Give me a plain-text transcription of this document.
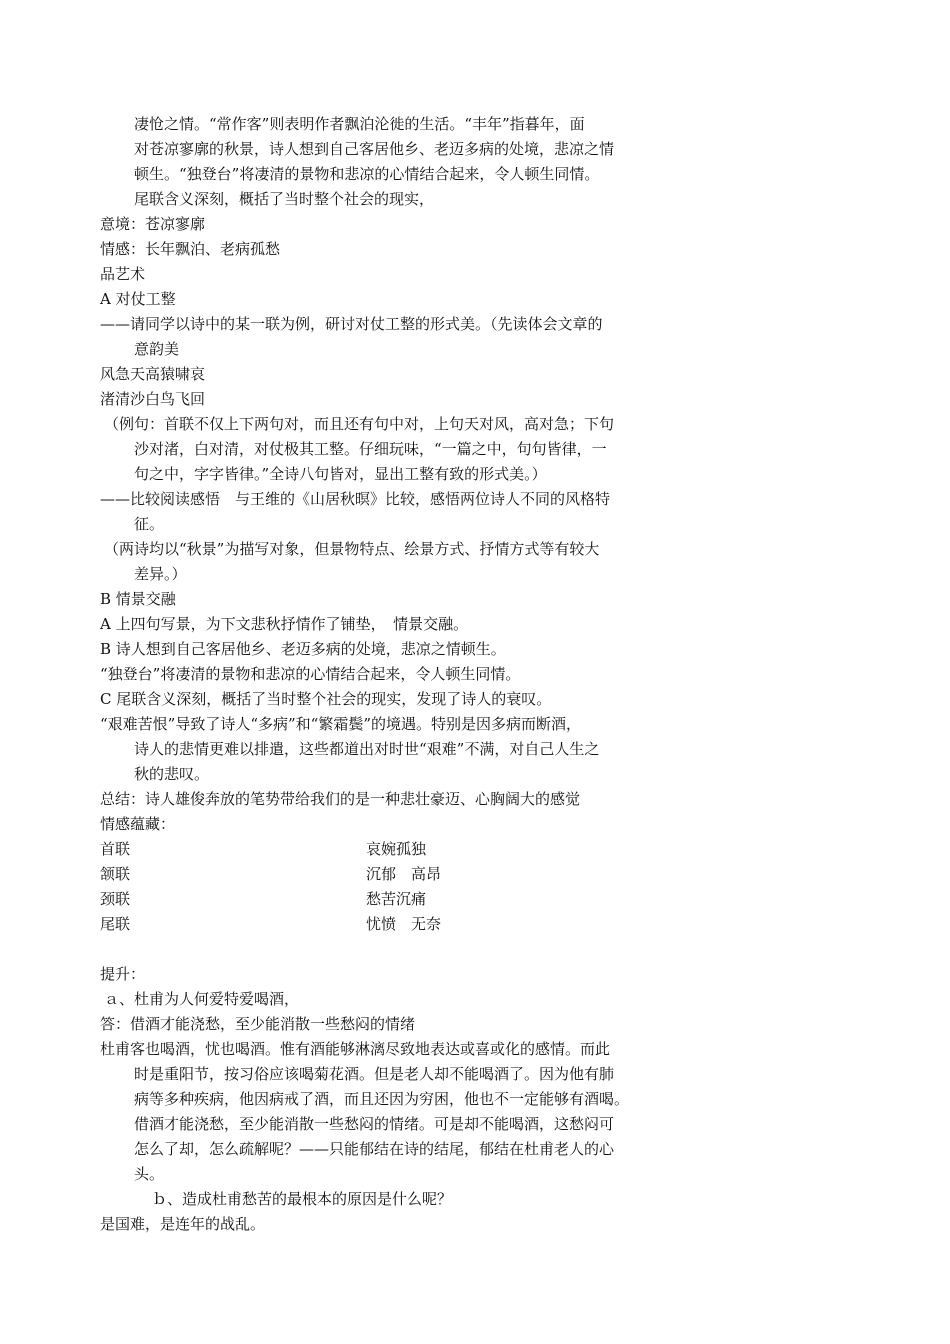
凄怆之情。“常作客”则表明作者飘泊沦徙的生活。“丰年”指暮年，面
对苍凉寥廓的秋景，诗人想到自己客居他乡、老迈多病的处境，悲凉之情
顿生。“独登台”将凄清的景物和悲凉的心情结合起来，令人顿生同情。
尾联含义深刻，概括了当时整个社会的现实，
意境：苍凉寥廓
情感：长年飘泊、老病孤愁
品艺术
A 对仗工整
——请同学以诗中的某一联为例，研讨对仗工整的形式美。（先读体会文章的
意韵美
风急天高猿啸哀
渚清沙白鸟飞回
（例句：首联不仅上下两句对，而且还有句中对，上句天对风，高对急；下句
沙对渚，白对清，对仗极其工整。仔细玩味，“一篇之中，句句皆律，一
句之中，字字皆律。”全诗八句皆对，显出工整有致的形式美。）
——比较阅读感悟　与王维的《山居秋暝》比较，感悟两位诗人不同的风格特
征。
（两诗均以“秋景”为描写对象，但景物特点、绘景方式、抒情方式等有较大
差异。）
B 情景交融
A 上四句写景，为下文悲秋抒情作了铺垫，　情景交融。
B 诗人想到自己客居他乡、老迈多病的处境，悲凉之情顿生。
“独登台”将凄清的景物和悲凉的心情结合起来，令人顿生同情。
C 尾联含义深刻，概括了当时整个社会的现实，发现了诗人的衰叹。
“艰难苦恨”导致了诗人“多病”和“繁霜鬓”的境遇。特别是因多病而断酒，
诗人的悲情更难以排遣，这些都道出对时世“艰难”不满，对自己人生之
秋的悲叹。
总结：诗人雄俊奔放的笔势带给我们的是一种悲壮豪迈、心胸阔大的感觉
情感蕴藏：
首联	哀婉孤独
颔联	沉郁　高昂
颈联	愁苦沉痛
尾联	忧愤　无奈
提升：
ａ、杜甫为人何爱特爱喝酒，
答：借酒才能浇愁，至少能消散一些愁闷的情绪
杜甫客也喝酒，忧也喝酒。惟有酒能够淋漓尽致地表达或喜或化的感情。而此
时是重阳节，按习俗应该喝菊花酒。但是老人却不能喝酒了。因为他有肺
病等多种疾病，他因病戒了酒，而且还因为穷困，他也不一定能够有酒喝。
借酒才能浇愁，至少能消散一些愁闷的情绪。可是却不能喝酒，这愁闷可
怎么了却，怎么疏解呢？——只能郁结在诗的结尾，郁结在杜甫老人的心
头。
ｂ、造成杜甫愁苦的最根本的原因是什么呢？
是国难，是连年的战乱。
